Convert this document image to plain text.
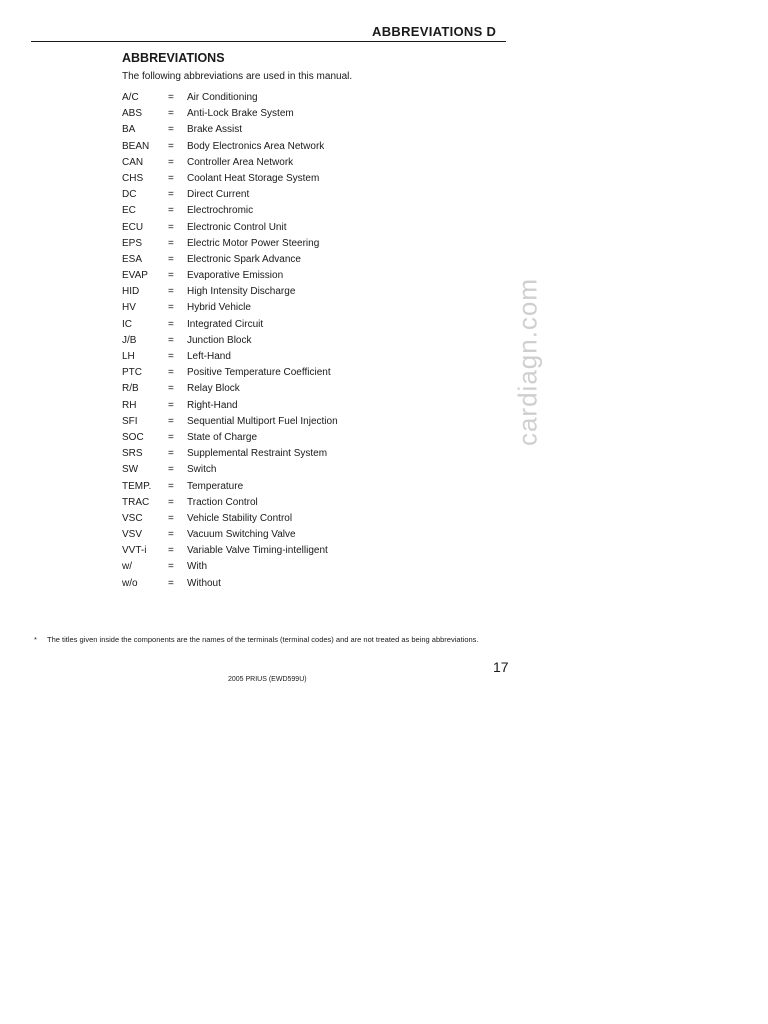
ABBREVIATIONS D
ABBREVIATIONS
The following abbreviations are used in this manual.
A/C	= Air Conditioning
ABS	= Anti-Lock Brake System
BA	= Brake Assist
BEAN = Body Electronics Area Network
CAN = Controller Area Network
CHS = Coolant Heat Storage System
DC	= Direct Current
EC	= Electrochromic
ECU = Electronic Control Unit
EPS	= Electric Motor Power Steering
ESA	= Electronic Spark Advance
EVAP = Evaporative Emission
HID	= High Intensity Discharge
HV	= Hybrid Vehicle
IC	= Integrated Circuit
J/B	= Junction Block
LH	= Left-Hand
PTC	= Positive Temperature Coefficient
R/B	= Relay Block
RH	= Right-Hand
SFI	= Sequential Multiport Fuel Injection
SOC = State of Charge
SRS	= Supplemental Restraint System
SW	= Switch
TEMP. = Temperature
TRAC = Traction Control
VSC	= Vehicle Stability Control
VSV	= Vacuum Switching Valve
VVT-i = Variable Valve Timing-intelligent
w/	= With
w/o	= Without
cardiagn.com
*	The titles given inside the components are the names of the terminals (terminal codes) and are not treated as being abbreviations.
17
2005 PRIUS (EWD599U)
